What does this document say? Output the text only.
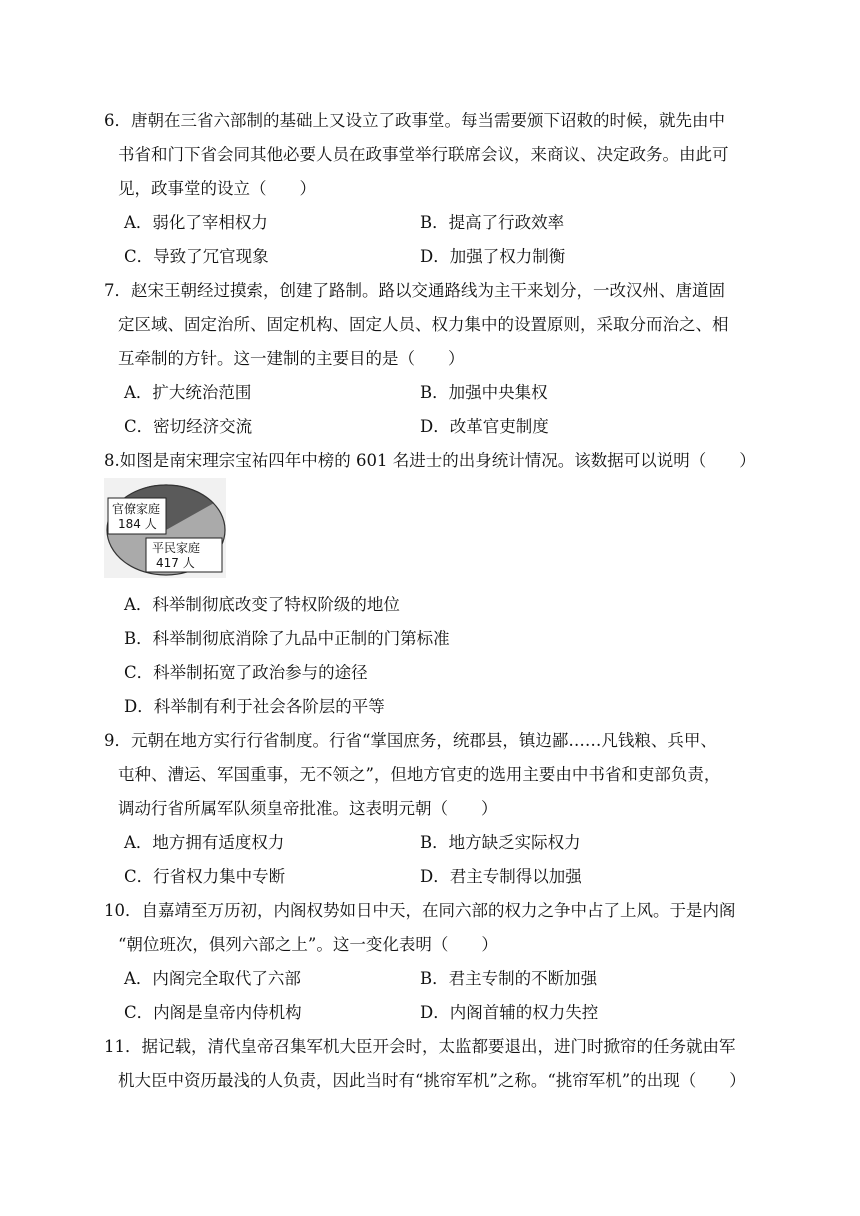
6．唐朝在三省六部制的基础上又设立了政事堂。每当需要颁下诏敕的时候，就先由中
书省和门下省会同其他必要人员在政事堂举行联席会议，来商议、决定政务。由此可
见，政事堂的设立（　　）
A．弱化了宰相权力	B．提高了行政效率
C．导致了冗官现象	D．加强了权力制衡
7．赵宋王朝经过摸索，创建了路制。路以交通路线为主干来划分，一改汉州、唐道固
定区域、固定治所、固定机构、固定人员、权力集中的设置原则，采取分而治之、相
互牵制的方针。这一建制的主要目的是（　　）
A．扩大统治范围	B．加强中央集权
C．密切经济交流	D．改革官吏制度
8.如图是南宋理宗宝祐四年中榜的 601 名进士的出身统计情况。该数据可以说明（　　）
官僚家庭
184 人
平民家庭
417 人
A．科举制彻底改变了特权阶级的地位
B．科举制彻底消除了九品中正制的门第标准
C．科举制拓宽了政治参与的途径
D．科举制有利于社会各阶层的平等
9．元朝在地方实行行省制度。行省“掌国庶务，统郡县，镇边鄙……凡钱粮、兵甲、
屯种、漕运、军国重事，无不领之”，但地方官吏的选用主要由中书省和吏部负责，
调动行省所属军队须皇帝批准。这表明元朝（　　）
A．地方拥有适度权力	B．地方缺乏实际权力
C．行省权力集中专断	D．君主专制得以加强
10．自嘉靖至万历初，内阁权势如日中天，在同六部的权力之争中占了上风。于是内阁
“朝位班次，俱列六部之上”。这一变化表明（　　）
A．内阁完全取代了六部	B．君主专制的不断加强
C．内阁是皇帝内侍机构	D．内阁首辅的权力失控
11．据记载，清代皇帝召集军机大臣开会时，太监都要退出，进门时掀帘的任务就由军
机大臣中资历最浅的人负责，因此当时有“挑帘军机”之称。“挑帘军机”的出现（　　）
